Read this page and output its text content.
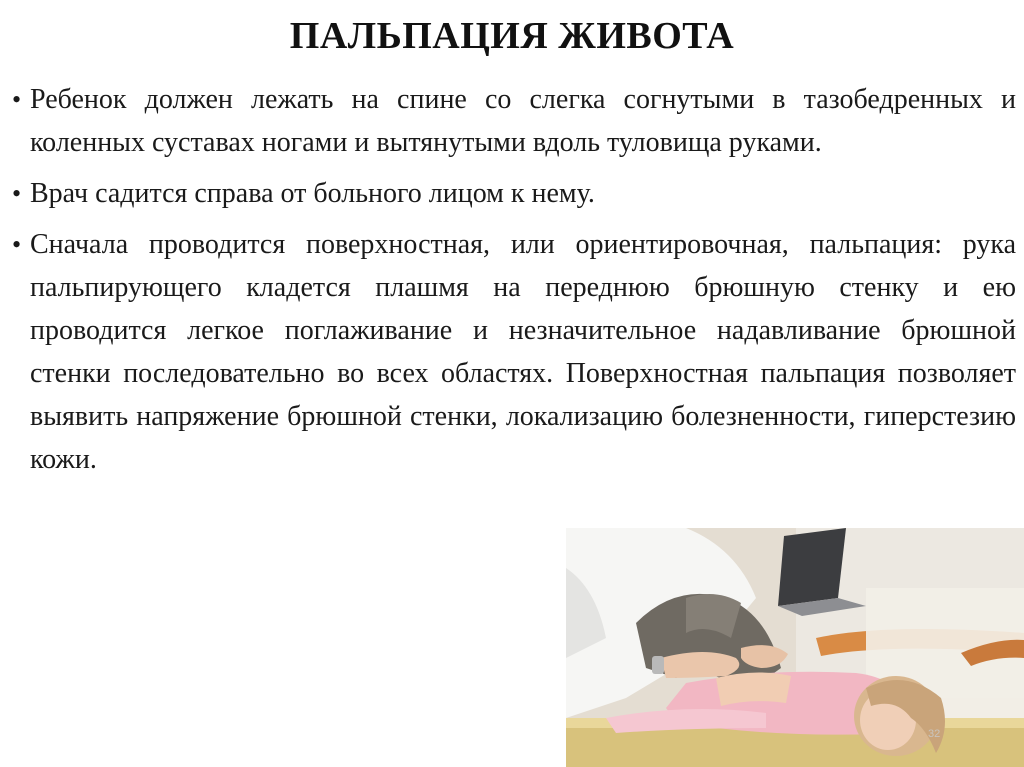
ПАЛЬПАЦИЯ ЖИВОТА
• Ребенок должен лежать на спине со слегка согнутыми в тазобедренных и коленных суставах ногами и вытянутыми вдоль туловища руками.
• Врач садится справа от больного лицом к нему.
• Сначала проводится поверхностная, или ориентировочная, пальпация: рука пальпирующего кладется плашмя на переднюю брюшную стенку и ею проводится легкое поглаживание и незначительное надавливание брюшной стенки последовательно во всех областях. Поверхностная пальпация позволяет выявить напряжение брюшной стенки, локализацию болезненности, гиперстезию кожи.
32
